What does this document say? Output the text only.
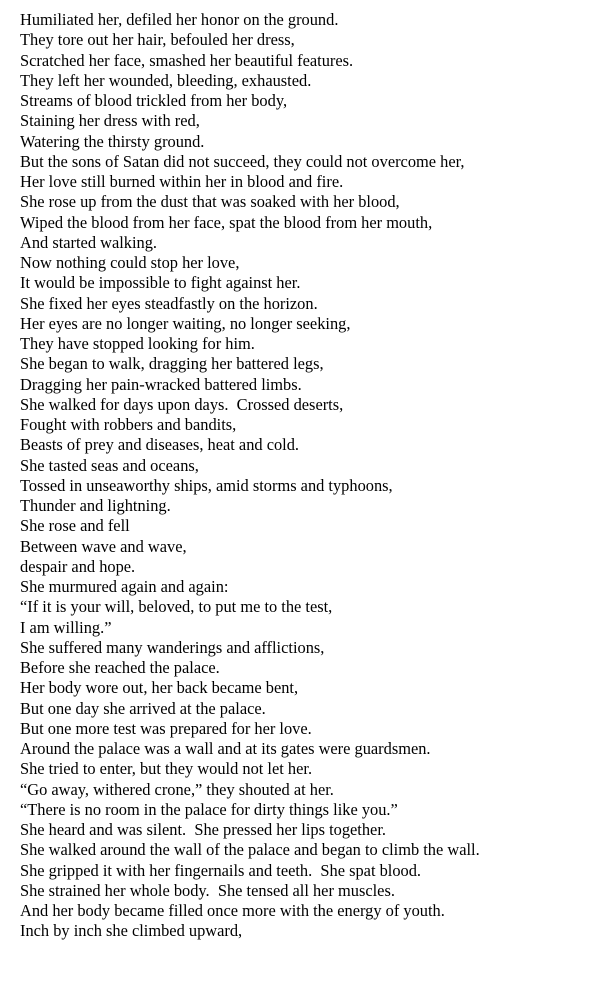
Humiliated her, defiled her honor on the ground.

They tore out her hair, befouled her dress,

Scratched her face, smashed her beautiful features.

They left her wounded, bleeding, exhausted.

Streams of blood trickled from her body,

Staining her dress with red,

Watering the thirsty ground.

But the sons of Satan did not succeed, they could not overcome her,

Her love still burned within her in blood and fire.

She rose up from the dust that was soaked with her blood,

Wiped the blood from her face, spat the blood from her mouth,

And started walking.

Now nothing could stop her love,

It would be impossible to fight against her.

She fixed her eyes steadfastly on the horizon.

Her eyes are no longer waiting, no longer seeking,

They have stopped looking for him.

She began to walk, dragging her battered legs,

Dragging her pain-wracked battered limbs.

She walked for days upon days.  Crossed deserts,

Fought with robbers and bandits,

Beasts of prey and diseases, heat and cold.

She tasted seas and oceans,

Tossed in unseaworthy ships, amid storms and typhoons,

Thunder and lightning.

She rose and fell

Between wave and wave,

despair and hope.

She murmured again and again:

“If it is your will, beloved, to put me to the test,

I am willing.”

She suffered many wanderings and afflictions,

Before she reached the palace.

Her body wore out, her back became bent,

But one day she arrived at the palace.

But one more test was prepared for her love.

Around the palace was a wall and at its gates were guardsmen.

She tried to enter, but they would not let her.

“Go away, withered crone,” they shouted at her.

“There is no room in the palace for dirty things like you.”

She heard and was silent.  She pressed her lips together.

She walked around the wall of the palace and began to climb the wall.

She gripped it with her fingernails and teeth.  She spat blood.

She strained her whole body.  She tensed all her muscles.

And her body became filled once more with the energy of youth.

Inch by inch she climbed upward,
